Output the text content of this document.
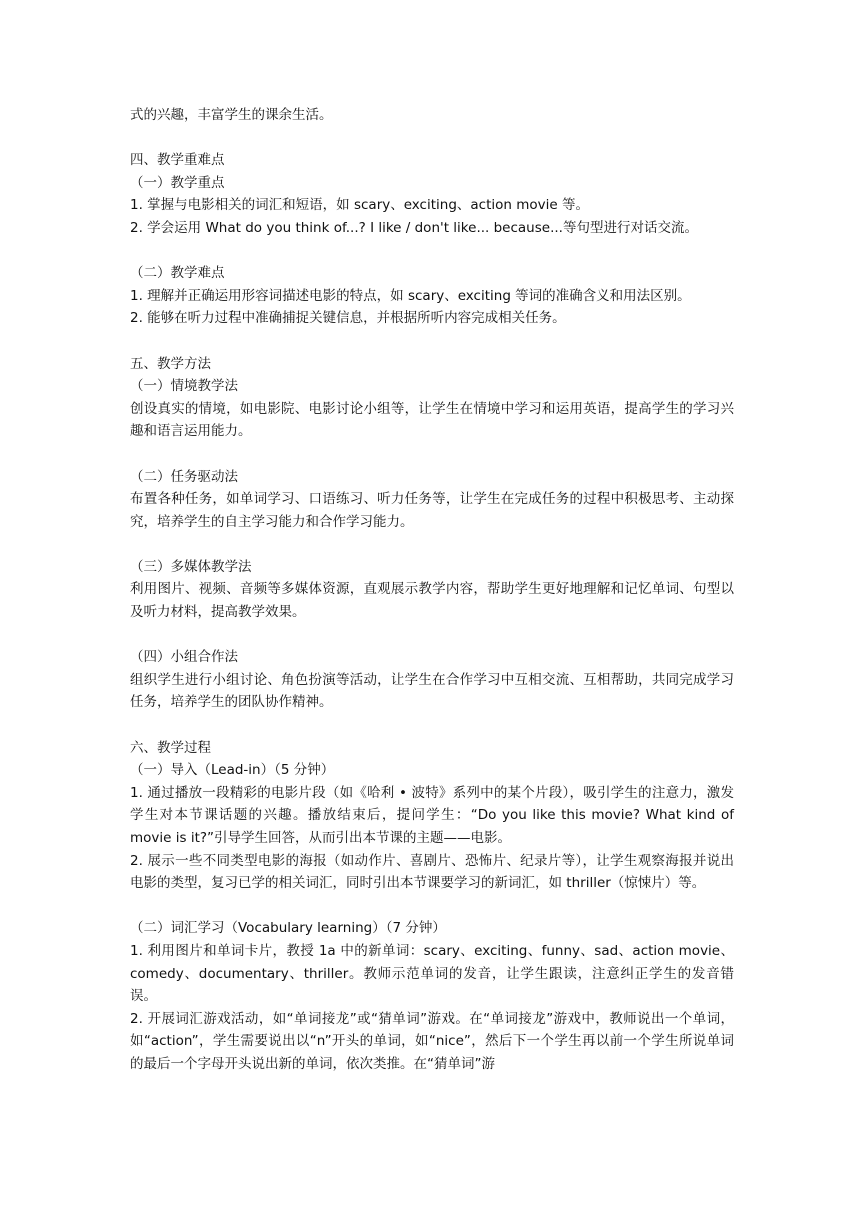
式的兴趣，丰富学生的课余生活。
四、教学重难点
（一）教学重点
1. 掌握与电影相关的词汇和短语，如 scary、exciting、action movie 等。
2. 学会运用 What do you think of...? I like / don't like... because...等句型进行对话交流。
（二）教学难点
1. 理解并正确运用形容词描述电影的特点，如 scary、exciting 等词的准确含义和用法区别。
2. 能够在听力过程中准确捕捉关键信息，并根据所听内容完成相关任务。
五、教学方法
（一）情境教学法
创设真实的情境，如电影院、电影讨论小组等，让学生在情境中学习和运用英语，提高学生的学习兴趣和语言运用能力。
（二）任务驱动法
布置各种任务，如单词学习、口语练习、听力任务等，让学生在完成任务的过程中积极思考、主动探究，培养学生的自主学习能力和合作学习能力。
（三）多媒体教学法
利用图片、视频、音频等多媒体资源，直观展示教学内容，帮助学生更好地理解和记忆单词、句型以及听力材料，提高教学效果。
（四）小组合作法
组织学生进行小组讨论、角色扮演等活动，让学生在合作学习中互相交流、互相帮助，共同完成学习任务，培养学生的团队协作精神。
六、教学过程
（一）导入（Lead-in）（5 分钟）
1. 通过播放一段精彩的电影片段（如《哈利 • 波特》系列中的某个片段），吸引学生的注意力，激发学生对本节课话题的兴趣。播放结束后，提问学生：“Do you like this movie? What kind of movie is it?”引导学生回答，从而引出本节课的主题——电影。
2. 展示一些不同类型电影的海报（如动作片、喜剧片、恐怖片、纪录片等），让学生观察海报并说出电影的类型，复习已学的相关词汇，同时引出本节课要学习的新词汇，如 thriller（惊悚片）等。
（二）词汇学习（Vocabulary learning）（7 分钟）
1. 利用图片和单词卡片，教授 1a 中的新单词：scary、exciting、funny、sad、action movie、comedy、documentary、thriller。教师示范单词的发音，让学生跟读，注意纠正学生的发音错误。
2. 开展词汇游戏活动，如“单词接龙”或“猜单词”游戏。在“单词接龙”游戏中，教师说出一个单词，如“action”，学生需要说出以“n”开头的单词，如“nice”，然后下一个学生再以前一个学生所说单词的最后一个字母开头说出新的单词，依次类推。在“猜单词”游
